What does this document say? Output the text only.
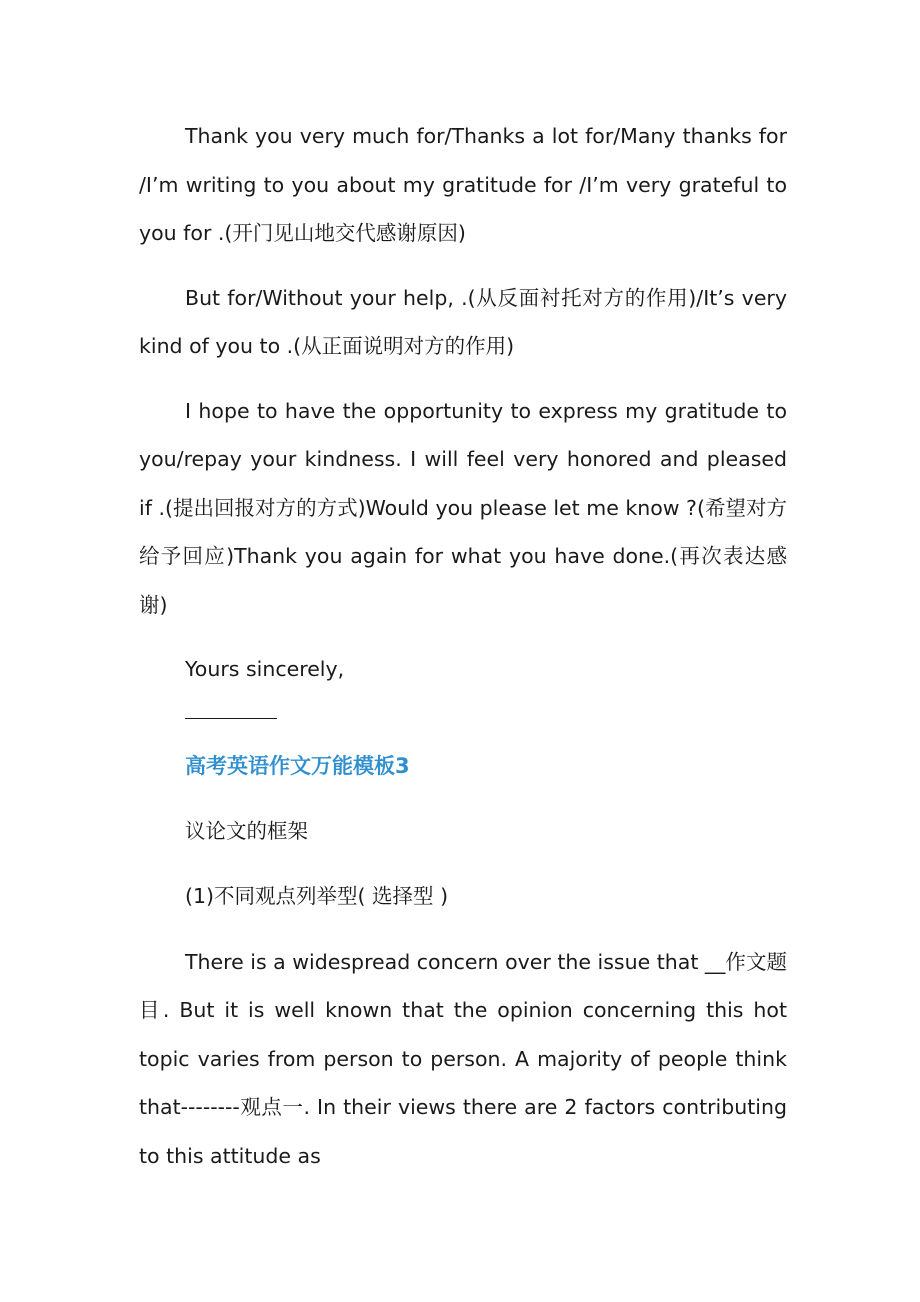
Thank you very much for/Thanks a lot for/Many thanks for /I’m writing to you about my gratitude for /I’m very grateful to you for .(开门见山地交代感谢原因)

But for/Without your help, .(从反面衬托对方的作用)/It’s very kind of you to .(从正面说明对方的作用)

I hope to have the opportunity to express my gratitude to you/repay your kindness. I will feel very honored and pleased if .(提出回报对方的方式)Would you please let me know ?(希望对方给予回应)Thank you again for what you have done.(再次表达感谢)

Yours sincerely,

高考英语作文万能模板3

议论文的框架

(1)不同观点列举型( 选择型 )

There is a widespread concern over the issue that __作文题目. But it is well known that the opinion concerning this hot topic varies from person to person. A majority of people think that--------观点一. In their views there are 2 factors contributing to this attitude as
